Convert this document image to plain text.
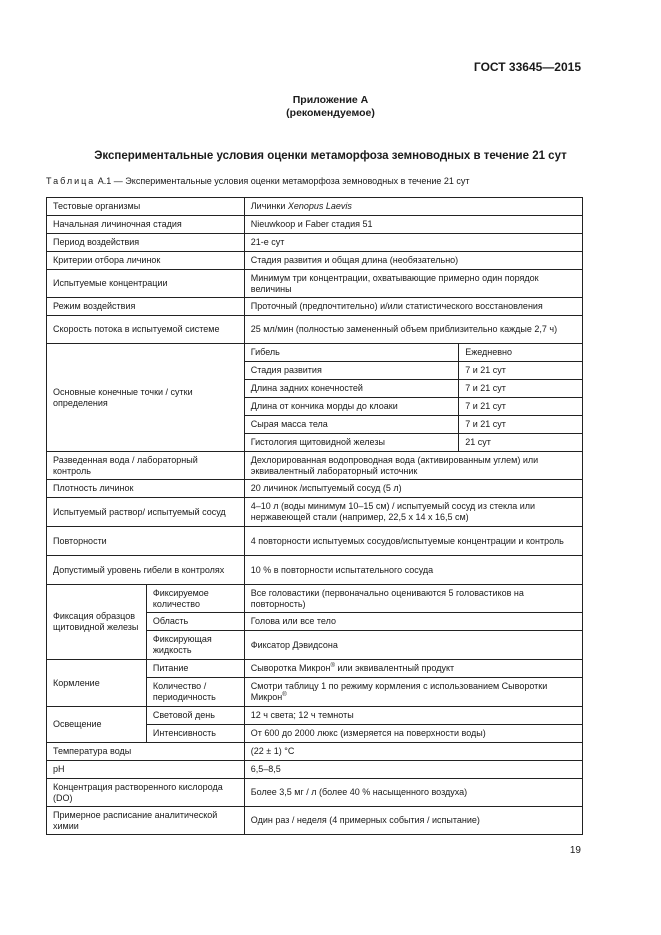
ГОСТ 33645—2015
Приложение А
(рекомендуемое)
Экспериментальные условия оценки метаморфоза земноводных в течение 21 сут
Таблица А.1 — Экспериментальные условия оценки метаморфоза земноводных в течение 21 сут
Тестовые организмы		Личинки Xenopus Laevis	
Начальная личиночная стадия		Nieuwkoop и Faber стадия 51	
Период воздействия		21-е сут	
Критерии отбора личинок		Стадия развития и общая длина (необязательно)	
Испытуемые концентрации		Минимум три концентрации, охватывающие примерно один порядок величины	
Режим воздействия		Проточный (предпочтительно) и/или статистического восстановления	
Скорость потока в испытуемой системе		25 мл/мин (полностью замененный объем приблизительно каждые 2,7 ч)	
Основные конечные точки / сутки определения		Гибель	Ежедневно
		Стадия развития	7 и 21 сут
		Длина задних конечностей	7 и 21 сут
		Длина от кончика морды до клоаки	7 и 21 сут
		Сырая масса тела	7 и 21 сут
		Гистология щитовидной железы	21 сут
Разведенная вода / лабораторный контроль		Дехлорированная водопроводная вода (активированным углем) или эквивалентный лабораторный источник	
Плотность личинок		20 личинок /испытуемый сосуд (5 л)	
Испытуемый раствор/ испытуемый сосуд		4–10 л (воды минимум 10–15 см) / испытуемый сосуд из стекла или нержавеющей стали (например, 22,5 x 14 x 16,5 см)	
Повторности		4 повторности испытуемых сосудов/испытуемые концентрации и контроль	
Допустимый уровень гибели в контролях		10 % в повторности испытательного сосуда	
Фиксация образцов щитовидной железы	Фиксируемое количество	Все головастики (первоначально оцениваются 5 головастиков на повторность)	
	Область	Голова или все тело	
	Фиксирующая жидкость	Фиксатор Дэвидсона	
Кормление	Питание	Сыворотка Микрон® или эквивалентный продукт	
	Количество / периодичность	Смотри таблицу 1 по режиму кормления с использованием Сыворотки Микрон®
Освещение	Световой день	12 ч света; 12 ч темноты	
	Интенсивность	От 600 до 2000 люкс (измеряется на поверхности воды)	
Температура воды		(22 ± 1) °С	
pH		6,5–8,5	
Концентрация растворенного кислорода (DO)		Более 3,5 мг / л (более 40 % насыщенного воздуха)	
Примерное расписание аналитической химии		Один раз / неделя (4 примерных события / испытание)	
19
